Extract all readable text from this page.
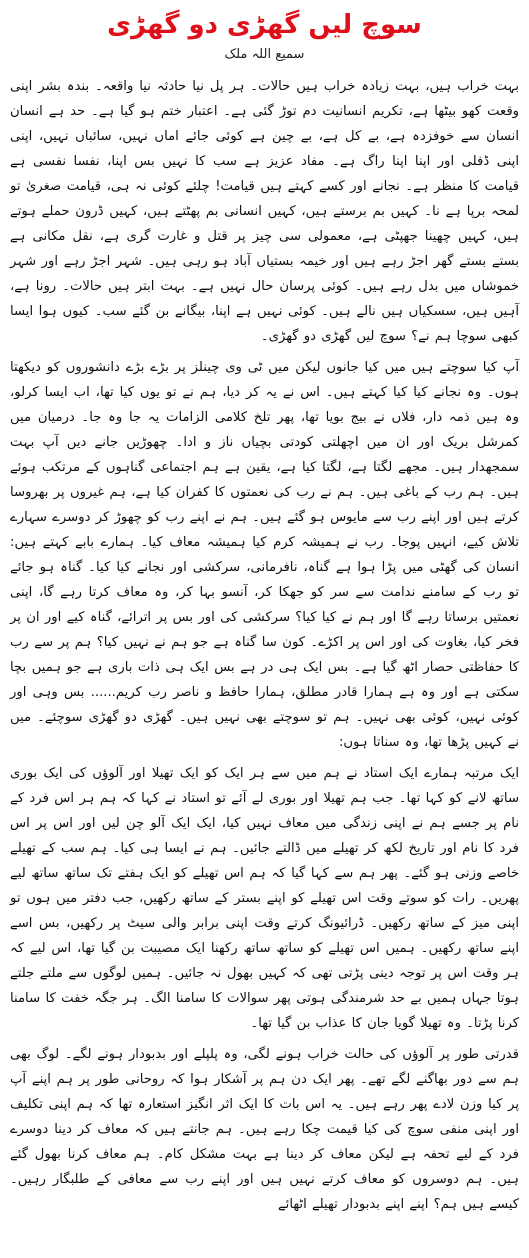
سوچ لیں گھڑی دو گھڑی
سمیع اللہ ملک

بہت خراب ہیں، بہت زیادہ خراب ہیں حالات۔ ہر پل نیا حادثہ نیا واقعہ۔ بندہ بشر اپنی وقعت کھو بیٹھا ہے، تکریم انسانیت دم توڑ گئی ہے۔ اعتبار ختم ہو گیا ہے۔ حد ہے انسان انسان سے خوفزدہ ہے، بے کل ہے، بے چین ہے کوئی جائے اماں نہیں، سائباں نہیں، اپنی اپنی ڈفلی اور اپنا اپنا راگ ہے۔ مفاد عزیز ہے سب کا نہیں بس اپنا، نفسا نفسی ہے قیامت کا منظر ہے۔ نجانے اور کسے کہتے ہیں قیامت! چلئے کوئی نہ ہی، قیامت صغریٰ تو لمحہ برپا ہے نا۔ کہیں بم برستے ہیں، کہیں انسانی بم پھٹتے ہیں، کہیں ڈرون حملے ہوتے ہیں، کہیں چھینا جھپٹی ہے، معمولی سی چیز پر قتل و غارت گری ہے، نقل مکانی ہے بستے بستے گھر اجڑ رہے ہیں اور خیمہ بستیاں آباد ہو رہی ہیں۔ شہر اجڑ رہے اور شہر خموشاں میں بدل رہے ہیں۔ کوئی پرسان حال نہیں ہے۔ بہت ابتر ہیں حالات۔ رونا ہے، آہیں ہیں، سسکیاں ہیں نالے ہیں۔ کوئی نہیں ہے اپنا، بیگانے بن گئے سب۔ کیوں ہوا ایسا کبھی سوچا ہم نے؟ سوچ لیں گھڑی دو گھڑی۔

آپ کیا سوچتے ہیں میں کیا جانوں لیکن میں ٹی وی چینلز پر بڑے بڑے دانشوروں کو دیکھتا ہوں۔ وہ نجانے کیا کیا کہتے ہیں۔ اس نے یہ کر دیا، ہم نے تو یوں کیا تھا، اب ایسا کرلو، وہ ہیں ذمہ دار، فلاں نے بیج بویا تھا، پھر تلخ کلامی الزامات یہ جا وہ جا۔ درمیان میں کمرشل بریک اور ان میں اچھلتی کودتی بچیاں ناز و ادا۔ چھوڑیں جانے دیں آپ بہت سمجھدار ہیں۔ مجھے لگتا ہے، لگتا کیا ہے، یقین ہے ہم اجتماعی گناہوں کے مرتکب ہوئے ہیں۔ ہم رب کے باغی ہیں۔ ہم نے رب کی نعمتوں کا کفران کیا ہے، ہم غیروں پر بھروسا کرتے ہیں اور اپنے رب سے مایوس ہو گئے ہیں۔ ہم نے اپنے رب کو چھوڑ کر دوسرے سہارے تلاش کیے، انہیں پوجا۔ رب نے ہمیشہ کرم کیا ہمیشہ معاف کیا۔ ہمارے بابے کہتے ہیں: انسان کی گھٹی میں پڑا ہوا ہے گناہ، نافرمانی، سرکشی اور نجانے کیا کیا۔ گناہ ہو جائے تو رب کے سامنے ندامت سے سر کو جھکا کر، آنسو بہا کر، وہ معاف کرتا رہے گا، اپنی نعمتیں برساتا رہے گا اور ہم نے کیا کیا؟ سرکشی کی اور بس پر اترائے، گناہ کیے اور ان پر فخر کیا، بغاوت کی اور اس پر اکڑے۔ کون سا گناہ ہے جو ہم نے نہیں کیا؟ ہم پر سے رب کا حفاظتی حصار اٹھ گیا ہے۔ بس ایک ہی در ہے بس ایک ہی ذات باری ہے جو ہمیں بچا سکتی ہے اور وہ ہے ہمارا قادر مطلق، ہمارا حافظ و ناصر رب کریم...... بس وہی اور کوئی نہیں، کوئی بھی نہیں۔ ہم تو سوچتے بھی نہیں ہیں۔ گھڑی دو گھڑی سوچئے۔ میں نے کہیں پڑھا تھا، وہ سناتا ہوں:

ایک مرتبہ ہمارے ایک استاد نے ہم میں سے ہر ایک کو ایک تھیلا اور آلوؤں کی ایک بوری ساتھ لانے کو کہا تھا۔ جب ہم تھیلا اور بوری لے آئے تو استاد نے کہا کہ ہم ہر اس فرد کے نام پر جسے ہم نے اپنی زندگی میں معاف نہیں کیا، ایک ایک آلو چن لیں اور اس پر اس فرد کا نام اور تاریخ لکھ کر تھیلے میں ڈالتے جائیں۔ ہم نے ایسا ہی کیا۔ ہم سب کے تھیلے خاصے وزنی ہو گئے۔ پھر ہم سے کہا گیا کہ ہم اس تھیلے کو ایک ہفتے تک ساتھ ساتھ لیے پھریں۔ رات کو سوتے وقت اس تھیلے کو اپنے بستر کے ساتھ رکھیں، جب دفتر میں ہوں تو اپنی میز کے ساتھ رکھیں۔ ڈرائیونگ کرتے وقت اپنی برابر والی سیٹ پر رکھیں، بس اسے اپنے ساتھ رکھیں۔ ہمیں اس تھیلے کو ساتھ ساتھ رکھنا ایک مصیبت بن گیا تھا، اس لیے کہ ہر وقت اس پر توجہ دینی پڑتی تھی کہ کہیں بھول نہ جائیں۔ ہمیں لوگوں سے ملتے جلتے ہوتا جہاں ہمیں بے حد شرمندگی ہوتی پھر سوالات کا سامنا الگ۔ ہر جگہ خفت کا سامنا کرنا پڑتا۔ وہ تھیلا گویا جان کا عذاب بن گیا تھا۔

قدرتی طور پر آلوؤں کی حالت خراب ہونے لگی، وہ پلپلے اور بدبودار ہونے لگے۔ لوگ بھی ہم سے دور بھاگنے لگے تھے۔ پھر ایک دن ہم پر آشکار ہوا کہ روحانی طور پر ہم اپنے آپ پر کیا وزن لادے پھر رہے ہیں۔ یہ اس بات کا ایک اثر انگیز استعارہ تھا کہ ہم اپنی تکلیف اور اپنی منفی سوچ کی کیا قیمت چکا رہے ہیں۔ ہم جانتے ہیں کہ معاف کر دینا دوسرے فرد کے لیے تحفہ ہے لیکن معاف کر دینا ہے بہت مشکل کام۔ ہم معاف کرنا بھول گئے ہیں۔ ہم دوسروں کو معاف کرتے نہیں ہیں اور اپنے رب سے معافی کے طلبگار رہیں۔ کیسے ہیں ہم؟ اپنے اپنے بدبودار تھیلے اٹھائے
